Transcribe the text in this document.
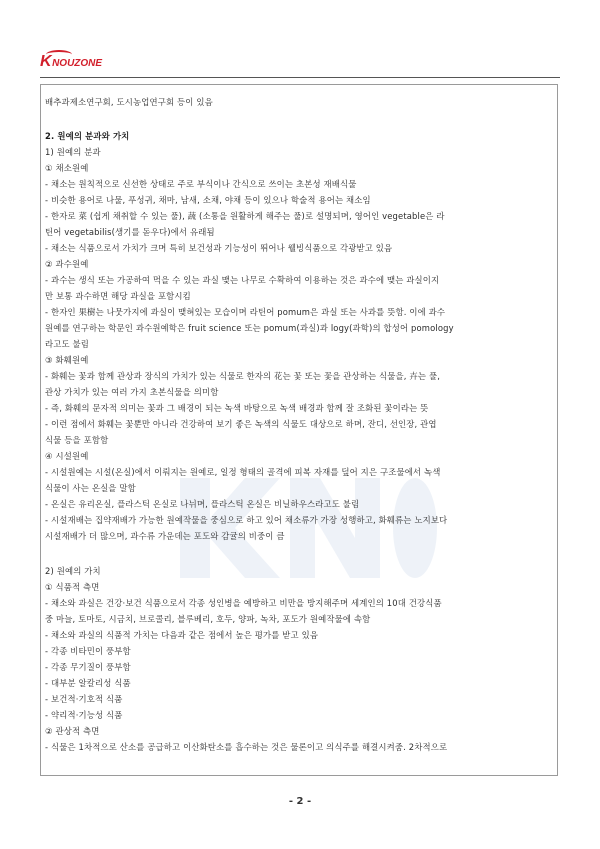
K NOUZONE
배추과제소연구회, 도시농업연구회 등이 있음
2. 원예의 분과와 가치
1) 원예의 분과
① 채소원예
- 채소는 원칙적으로 신선한 상태로 주로 부식이나 간식으로 쓰이는 초본성 재배식물
- 비슷한 용어로 나물, 푸성귀, 채마, 남새, 소채, 야채 등이 있으나 학술적 용어는 채소임
- 한자로 菜 (쉽게 채취할 수 있는 풀), 蔬 (소통을 원활하게 해주는 풀)로 설명되며, 영어인 vegetable은 라
틴어 vegetabilis(생기를 돋우다)에서 유래됨
- 채소는 식품으로서 가치가 크며 특히 보건성과 기능성이 뛰어나 웰빙식품으로 각광받고 있음
② 과수원예
- 과수는 생식 또는 가공하여 먹을 수 있는 과실 맺는 나무로 수확하여 이용하는 것은 과수에 맺는 과실이지
만 보통 과수하면 해당 과실을 포함시킴
- 한자인 果樹는 나뭇가지에 과실이 맺혀있는 모습이며 라틴어 pomum은 과실 또는 사과를 뜻함. 이에 과수
원예를 연구하는 학문인 과수원예학은 fruit science 또는 pomum(과실)과 logy(과학)의 합성어 pomology
라고도 불림
③ 화훼원예
- 화훼는 꽃과 함께 관상과 장식의 가치가 있는 식물로 한자의 花는 꽃 또는 꽃을 관상하는 식물을, 卉는 풀,
관상 가치가 있는 여러 가지 초본식물을 의미함
- 즉, 화훼의 문자적 의미는 꽃과 그 배경이 되는 녹색 바탕으로 녹색 배경과 함께 잘 조화된 꽃이라는 뜻
- 이런 점에서 화훼는 꽃뿐만 아니라 건강하여 보기 좋은 녹색의 식물도 대상으로 하며, 잔디, 선인장, 관엽
식물 등을 포함함
④ 시설원예
- 시설원예는 시설(온실)에서 이뤄지는 원예로, 일정 형태의 골격에 피복 자재를 덮어 지은 구조물에서 녹색
식물이 사는 온실을 말함
- 온실은 유리온실, 플라스틱 온실로 나뉘며, 플라스틱 온실은 비닐하우스라고도 불림
- 시설재배는 집약재배가 가능한 원예작물을 중심으로 하고 있어 채소류가 가장 성행하고, 화훼류는 노지보다
시설재배가 더 많으며, 과수류 가운데는 포도와 감귤의 비중이 큼
2) 원예의 가치
① 식품적 측면
- 채소와 과실은 건강·보건 식품으로서 각종 성인병을 예방하고 비만을 방지해주며 세계인의 10대 건강식품
중 마늘, 토마토, 시금치, 브로콜리, 블루베리, 호두, 양파, 녹차, 포도가 원예작물에 속함
- 채소와 과실의 식품적 가치는 다음과 같은 점에서 높은 평가를 받고 있음
- 각종 비타민이 풍부함
- 각종 무기질이 풍부함
- 대부분 알칼리성 식품
- 보건적·기호적 식품
- 약리적·기능성 식품
② 관상적 측면
- 식물은 1차적으로 산소를 공급하고 이산화탄소를 흡수하는 것은 물론이고 의식주를 해결시켜줌. 2차적으로
- 2 -
